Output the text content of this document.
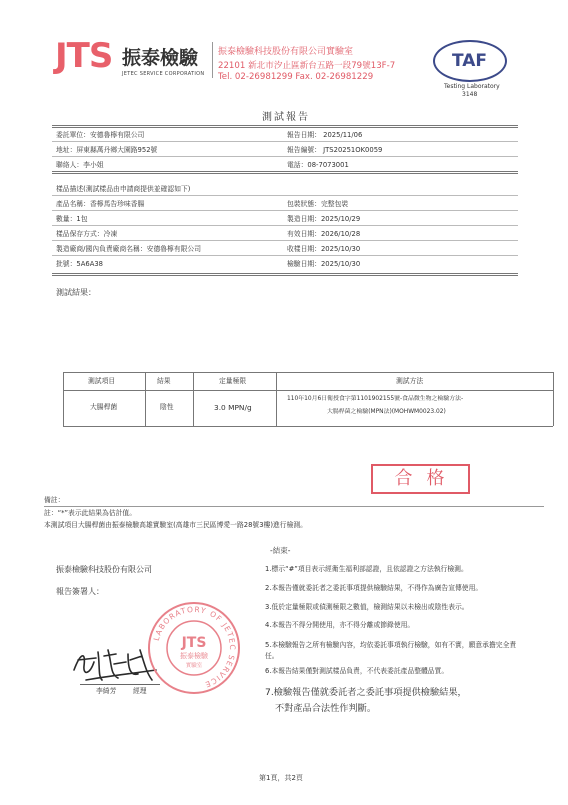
JTS 振泰檢驗
JETEC SERVICE CORPORATION
振泰檢驗科技股份有限公司實驗室
22101 新北市汐止區新台五路一段79號13F-7
Tel. 02-26981299 Fax. 02-26981229
TAF
Testing Laboratory
3148
測試報告
委託單位：安德魯檸有限公司	報告日期： 2025/11/06
地址：屏東縣萬丹鄉大園路952號	報告編號： JTS20251OK0059
聯絡人：李小姐	電話：08-7073001
樣品描述(測試樣品由申請商提供並確認如下)
產品名稱：香檸馬告珍味香腸	包裝狀態：完整包裝
數量：1包	製造日期：2025/10/29
樣品保存方式：冷凍	有效日期：2026/10/28
製造廠商/國內負責廠商名稱：安德魯檸有限公司	收樣日期：2025/10/30
批號：5A6A38	檢驗日期：2025/10/30
測試結果：
測試項目	結果	定量極限	測試方法
大腸桿菌	陰性	3.0 MPN/g
110年10月6日衛授食字第1101902155號-食品微生物之檢驗方法-
大腸桿菌之檢驗(MPN法)(MOHWM0023.02)
合格
備註：
註：“*”表示此結果為估計值。
本測試項目大腸桿菌由振泰檢驗高雄實驗室(高雄市三民區博愛一路28號3樓)進行檢測。
-結束-
振泰檢驗科技股份有限公司
報告簽署人：
李綺芳 經理
LABORATORY OF JETEC SERVICE
JTS
振泰檢驗
實驗室
1.標示“#”項目表示經衛生福利部認證，且依認證之方法執行檢測。
2.本報告僅就委託者之委託事項提供檢驗結果，不得作為廣告宣傳使用。
3.低於定量極限或偵測極限之數值，檢測結果以未檢出或陰性表示。
4.本報告不得分開使用，亦不得分離或節錄使用。
5.本檢驗報告之所有檢驗內容，均依委託事項執行檢驗，如有不實，願意承擔完全責任。
6.本報告結果僅對測試樣品負責，不代表委託產品整體品質。
7.檢驗報告僅就委託者之委託事項提供檢驗結果，
不對產品合法性作判斷。
第1頁，共2頁
